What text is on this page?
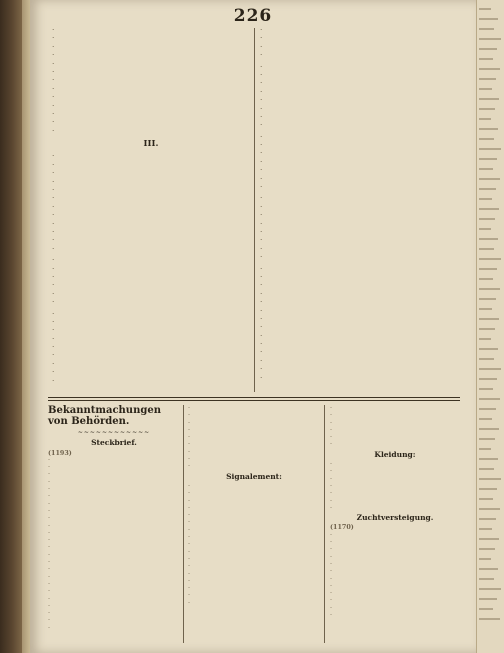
226
·
·
·
·
·
·
·
·
·
·
·
·
·
III.
·
·
·
·
·
·
·
·
·
·
·
·
·
·
·
·
·
·
·
·
·
·
·
·
·
·
·
·
·
·
·
·
·
·
·
·
·
·
·
·
·
·
·
·
·
·
·
·
·
·
·
·
·
·
·
·
·
·
·
·
·
·
·
·
·
·
·
·
Bekanntmachungen von Behörden.
~~~~~~~~~~~~
Steckbrief.
(1193)
·
·
·
·
·
·
·
·
·
·
·
·
·
·
·
·
·
·
·
·
·
·
·
·
·
·
·
·
·
·
·
·
·
Signalement:
·
·
·
·
·
·
·
·
·
·
·
·
·
·
·
·
·
·
·
·
·
·
·
Kleidung:
·
·
·
·
·
·
·
Zuchtversteigung.
(1170)
·
·
·
·
·
·
·
·
·
·
·
·
